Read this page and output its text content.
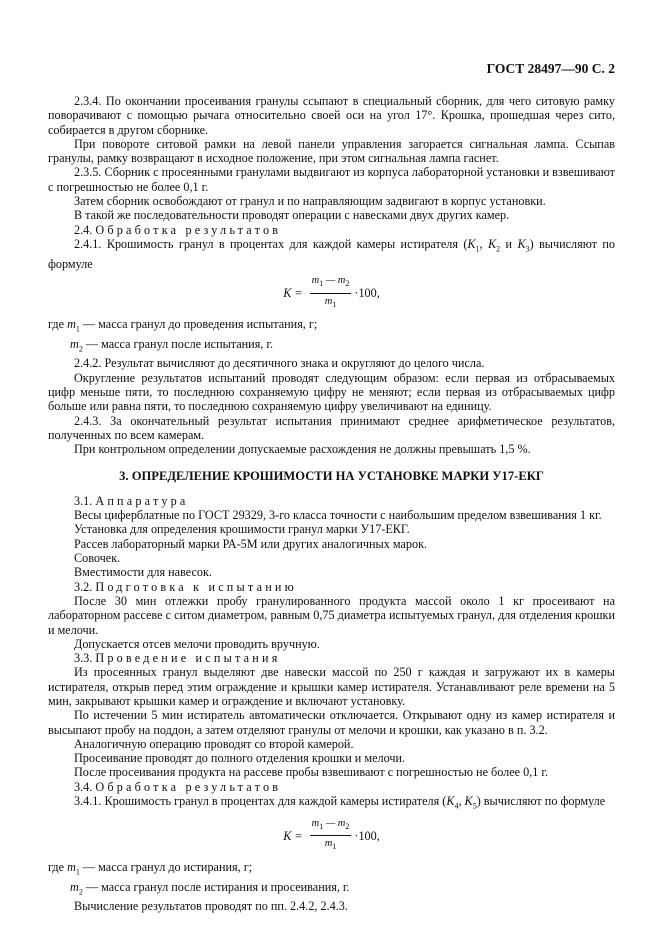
ГОСТ 28497—90 С. 2

2.3.4. По окончании просеивания гранулы ссыпают в специальный сборник, для чего ситовую рамку поворачивают с помощью рычага относительно своей оси на угол 17°. Крошка, прошедшая через сито, собирается в другом сборнике.

При повороте ситовой рамки на левой панели управления загорается сигнальная лампа. Ссыпав гранулы, рамку возвращают в исходное положение, при этом сигнальная лампа гаснет.

2.3.5. Сборник с просеянными гранулами выдвигают из корпуса лабораторной установки и взвешивают с погрешностью не более 0,1 г.

Затем сборник освобождают от гранул и по направляющим задвигают в корпус установки.

В такой же последовательности проводят операции с навесками двух других камер.

2.4. Обработка результатов

2.4.1. Крошимость гранул в процентах для каждой камеры истирателя ($K_1$, $K_2$ и $K_3$) вычисляют по формуле

$K = \frac{m_1 — m_2}{m_1} \cdot 100$,

где $m_1$ — масса гранул до проведения испытания, г;

$m_2$ — масса гранул после испытания, г.

2.4.2. Результат вычисляют до десятичного знака и округляют до целого числа.

Округление результатов испытаний проводят следующим образом: если первая из отбрасываемых цифр меньше пяти, то последнюю сохраняемую цифру не меняют; если первая из отбрасываемых цифр больше или равна пяти, то последнюю сохраняемую цифру увеличивают на единицу.

2.4.3. За окончательный результат испытания принимают среднее арифметическое результатов, полученных по всем камерам.

При контрольном определении допускаемые расхождения не должны превышать 1,5 %.

3. ОПРЕДЕЛЕНИЕ КРОШИМОСТИ НА УСТАНОВКЕ МАРКИ У17-ЕКГ

3.1. Аппаратура

Весы циферблатные по ГОСТ 29329, 3-го класса точности с наибольшим пределом взвешивания 1 кг.

Установка для определения крошимости гранул марки У17-ЕКГ.

Рассев лабораторный марки РА-5М или других аналогичных марок.

Совочек.

Вместимости для навесок.

3.2. Подготовка к испытанию

После 30 мин отлежки пробу гранулированного продукта массой около 1 кг просеивают на лабораторном рассеве с ситом диаметром, равным 0,75 диаметра испытуемых гранул, для отделения крошки и мелочи.

Допускается отсев мелочи проводить вручную.

3.3. Проведение испытания

Из просеянных гранул выделяют две навески массой по 250 г каждая и загружают их в камеры истирателя, открыв перед этим ограждение и крышки камер истирателя. Устанавливают реле времени на 5 мин, закрывают крышки камер и ограждение и включают установку.

По истечении 5 мин истиратель автоматически отключается. Открывают одну из камер истирателя и высыпают пробу на поддон, а затем отделяют гранулы от мелочи и крошки, как указано в п. 3.2.

Аналогичную операцию проводят со второй камерой.

Просеивание проводят до полного отделения крошки и мелочи.

После просеивания продукта на рассеве пробы взвешивают с погрешностью не более 0,1 г.

3.4. Обработка результатов

3.4.1. Крошимость гранул в процентах для каждой камеры истирателя ($K_4$, $K_5$) вычисляют по формуле

$K = \frac{m_1 — m_2}{m_1} \cdot 100$,

где $m_1$ — масса гранул до истирания, г;

$m_2$ — масса гранул после истирания и просеивания, г.

Вычисление результатов проводят по пп. 2.4.2, 2.4.3.
